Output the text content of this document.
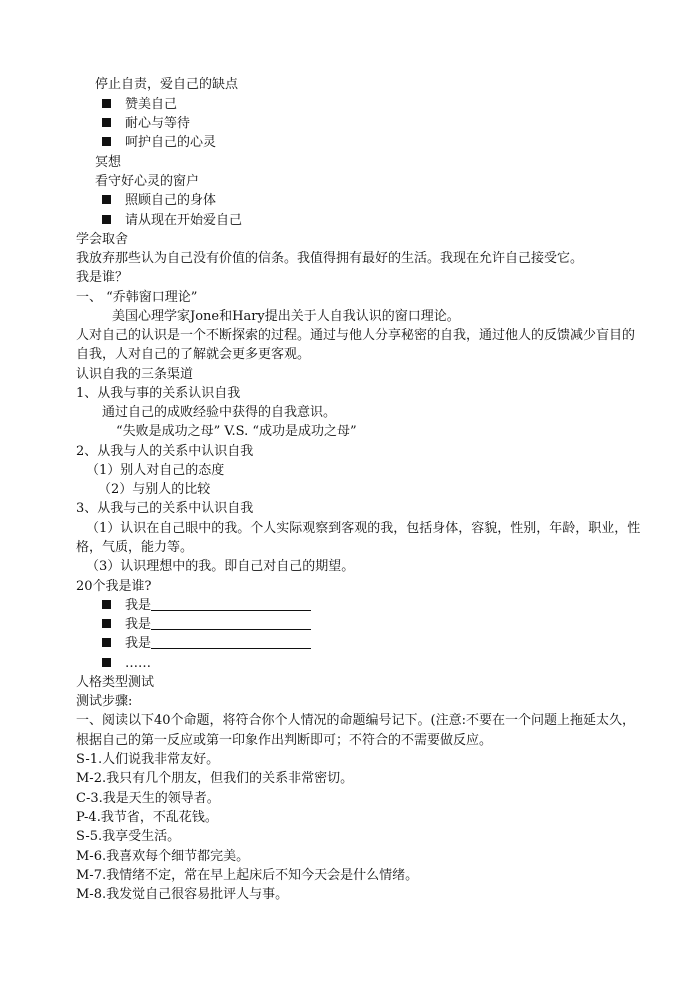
停止自责，爱自己的缺点
赞美自己
耐心与等待
呵护自己的心灵
冥想
看守好心灵的窗户
照顾自己的身体
请从现在开始爱自己
学会取舍
我放弃那些认为自己没有价值的信条。我值得拥有最好的生活。我现在允许自己接受它。
我是谁？
一、 “乔韩窗口理论”
美国心理学家Jone和Hary提出关于人自我认识的窗口理论。
人对自己的认识是一个不断探索的过程。通过与他人分享秘密的自我，通过他人的反馈减少盲目的
自我，人对自己的了解就会更多更客观。
认识自我的三条渠道
1、从我与事的关系认识自我
通过自己的成败经验中获得的自我意识。
“失败是成功之母” V.S. “成功是成功之母”
2、从我与人的关系中认识自我
（1）别人对自己的态度
（2）与别人的比较
3、从我与己的关系中认识自我
（1）认识在自己眼中的我。个人实际观察到客观的我，包括身体，容貌，性别，年龄，职业，性
格，气质，能力等。
（3）认识理想中的我。即自己对自己的期望。
20个我是谁?
我是
我是
我是
……
人格类型测试
测试步骤:
一、阅读以下40个命题，将符合你个人情况的命题编号记下。(注意:不要在一个问题上拖延太久，
根据自己的第一反应或第一印象作出判断即可；不符合的不需要做反应。
S-1.人们说我非常友好。
M-2.我只有几个朋友，但我们的关系非常密切。
C-3.我是天生的领导者。
P-4.我节省，不乱花钱。
S-5.我享受生活。
M-6.我喜欢每个细节都完美。
M-7.我情绪不定，常在早上起床后不知今天会是什么情绪。
M-8.我发觉自己很容易批评人与事。
